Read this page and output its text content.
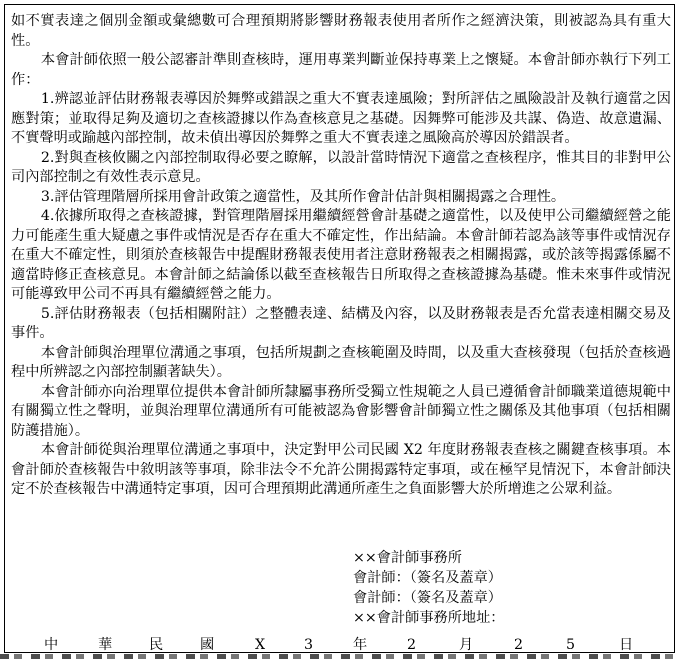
如不實表達之個別金額或彙總數可合理預期將影響財務報表使用者所作之經濟決策，則被認為具有重大性。

本會計師依照一般公認審計準則查核時，運用專業判斷並保持專業上之懷疑。本會計師亦執行下列工作：

1.辨認並評估財務報表導因於舞弊或錯誤之重大不實表達風險；對所評估之風險設計及執行適當之因應對策；並取得足夠及適切之查核證據以作為查核意見之基礎。因舞弊可能涉及共謀、偽造、故意遺漏、不實聲明或踰越內部控制，故未偵出導因於舞弊之重大不實表達之風險高於導因於錯誤者。

2.對與查核攸關之內部控制取得必要之瞭解，以設計當時情況下適當之查核程序，惟其目的非對甲公司內部控制之有效性表示意見。

3.評估管理階層所採用會計政策之適當性，及其所作會計估計與相關揭露之合理性。

4.依據所取得之查核證據，對管理階層採用繼續經營會計基礎之適當性，以及使甲公司繼續經營之能力可能產生重大疑慮之事件或情況是否存在重大不確定性，作出結論。本會計師若認為該等事件或情況存在重大不確定性，則須於查核報告中提醒財務報表使用者注意財務報表之相關揭露，或於該等揭露係屬不適當時修正查核意見。本會計師之結論係以截至查核報告日所取得之查核證據為基礎。惟未來事件或情況可能導致甲公司不再具有繼續經營之能力。

5.評估財務報表（包括相關附註）之整體表達、結構及內容，以及財務報表是否允當表達相關交易及事件。

本會計師與治理單位溝通之事項，包括所規劃之查核範圍及時間，以及重大查核發現（包括於查核過程中所辨認之內部控制顯著缺失）。

本會計師亦向治理單位提供本會計師所隸屬事務所受獨立性規範之人員已遵循會計師職業道德規範中有關獨立性之聲明，並與治理單位溝通所有可能被認為會影響會計師獨立性之關係及其他事項（包括相關防護措施）。

本會計師從與治理單位溝通之事項中，決定對甲公司民國 X2 年度財務報表查核之關鍵查核事項。本會計師於查核報告中敘明該等事項，除非法令不允許公開揭露特定事項，或在極罕見情況下，本會計師決定不於查核報告中溝通特定事項，因可合理預期此溝通所產生之負面影響大於所增進之公眾利益。

××會計師事務所
會計師：（簽名及蓋章）
會計師：（簽名及蓋章）
××會計師事務所地址：
中	華	民	國	X	3	年	2	月	2	5	日
